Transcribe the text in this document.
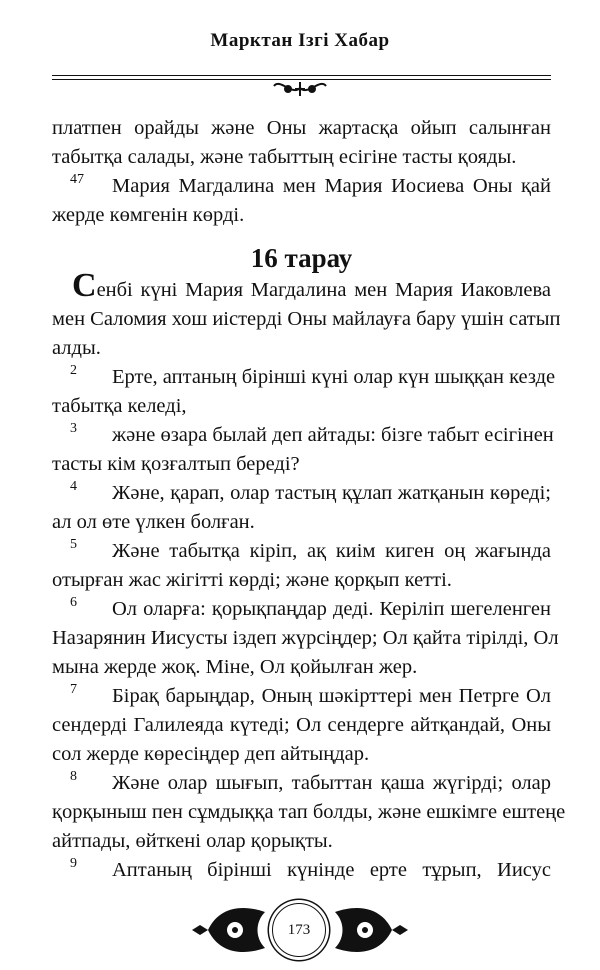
Марктан Ізгі Хабар
платпен орайды және Оны жартасқа ойып салынған
табытқа салады, және табыттың есігіне тасты қояды.
47 Мария Магдалина мен Мария Иосиева Оны қай
жерде көмгенін көрді.
16 тарау
Сенбі күні Мария Магдалина мен Мария Иаковлева
мен Саломия хош иістерді Оны майлауға бару үшін сатып
алды.
2 Ерте, аптаның бірінші күні олар күн шыққан кезде
табытқа келеді,
3 және өзара былай деп айтады: бізге табыт есігінен
тасты кім қозғалтып береді?
4 Және, қарап, олар тастың құлап жатқанын көреді;
ал ол өте үлкен болған.
5 Және табытқа кіріп, ақ киім киген оң жағында
отырған жас жігітті көрді; және қорқып кетті.
6 Ол оларға: қорықпаңдар деді. Керіліп шегеленген
Назарянин Иисусты іздеп жүрсіңдер; Ол қайта тірілді, Ол
мына жерде жоқ. Міне, Ол қойылған жер.
7 Бірақ барыңдар, Оның шәкірттері мен Петрге Ол
сендерді Галилеяда күтеді; Ол сендерге айтқандай, Оны
сол жерде көресіңдер деп айтыңдар.
8 Және олар шығып, табыттан қаша жүгірді; олар
қорқыныш пен сұмдыққа тап болды, және ешкімге ештеңе
айтпады, өйткені олар қорықты.
9 Аптаның бірінші күнінде ерте тұрып, Иисус
173
